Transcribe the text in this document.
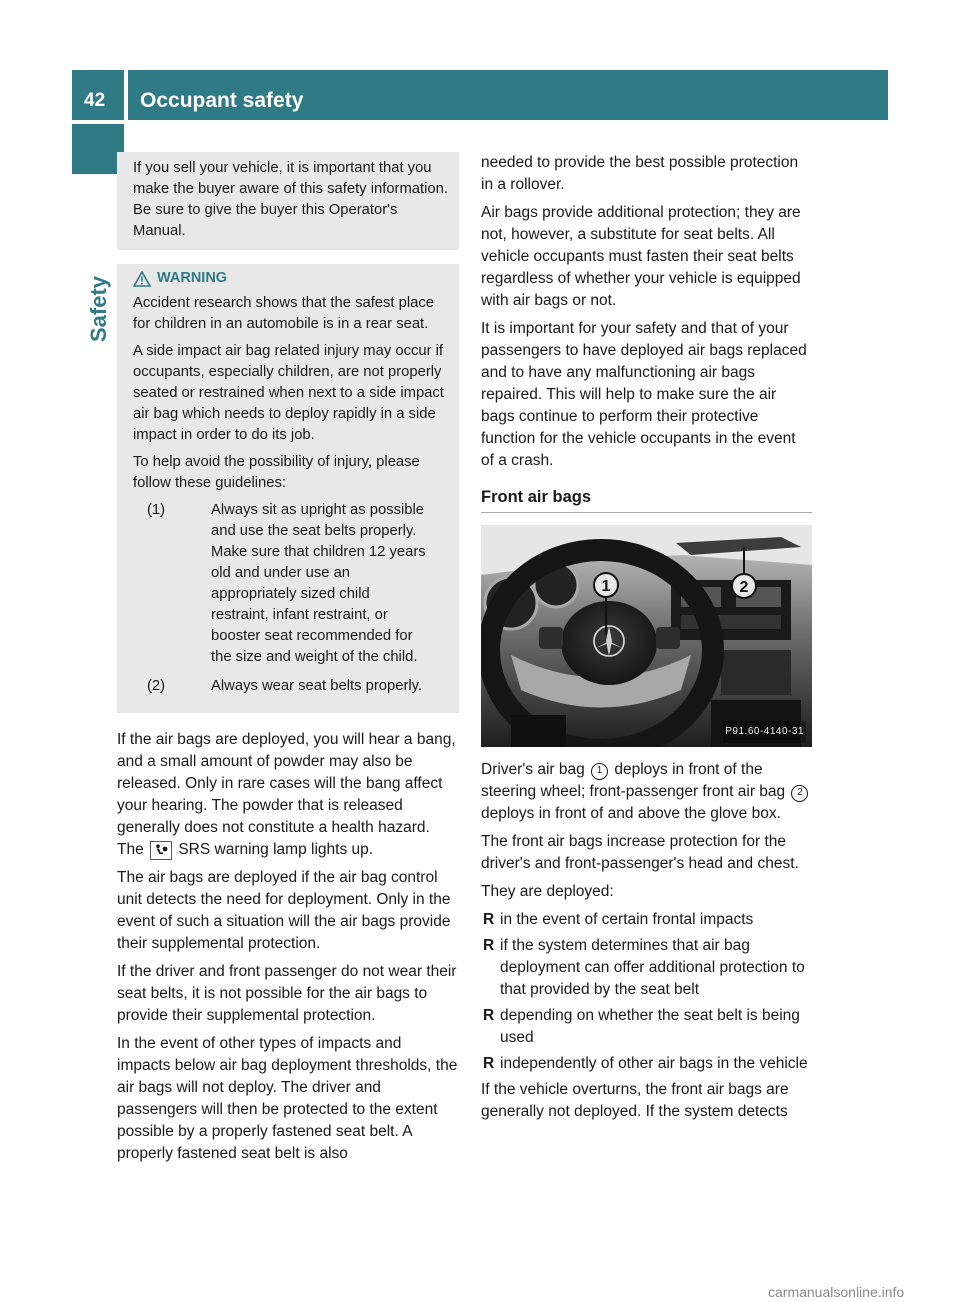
42	Occupant safety
Safety
If you sell your vehicle, it is important that you make the buyer aware of this safety information. Be sure to give the buyer this Operator's Manual.
WARNING

Accident research shows that the safest place for children in an automobile is in a rear seat.

A side impact air bag related injury may occur if occupants, especially children, are not properly seated or restrained when next to a side impact air bag which needs to deploy rapidly in a side impact in order to do its job.

To help avoid the possibility of injury, please follow these guidelines:

(1)	Always sit as upright as possible and use the seat belts properly. Make sure that children 12 years old and under use an appropriately sized child restraint, infant restraint, or booster seat recommended for the size and weight of the child.
(2)	Always wear seat belts properly.

If the air bags are deployed, you will hear a bang, and a small amount of powder may also be released. Only in rare cases will the bang affect your hearing. The powder that is released generally does not constitute a health hazard. The SRS warning lamp lights up.

The air bags are deployed if the air bag control unit detects the need for deployment. Only in the event of such a situation will the air bags provide their supplemental protection.

If the driver and front passenger do not wear their seat belts, it is not possible for the air bags to provide their supplemental protection.

In the event of other types of impacts and impacts below air bag deployment thresholds, the air bags will not deploy. The driver and passengers will then be protected to the extent possible by a properly fastened seat belt. A properly fastened seat belt is also

needed to provide the best possible protection in a rollover.

Air bags provide additional protection; they are not, however, a substitute for seat belts. All vehicle occupants must fasten their seat belts regardless of whether your vehicle is equipped with air bags or not.

It is important for your safety and that of your passengers to have deployed air bags replaced and to have any malfunctioning air bags repaired. This will help to make sure the air bags continue to perform their protective function for the vehicle occupants in the event of a crash.

Front air bags
1	2
P91.60-4140-31

Driver's air bag 1 deploys in front of the steering wheel; front-passenger front air bag 2 deploys in front of and above the glove box.

The front air bags increase protection for the driver's and front-passenger's head and chest.

They are deployed:

R in the event of certain frontal impacts
R if the system determines that air bag deployment can offer additional protection to that provided by the seat belt
R depending on whether the seat belt is being used
R independently of other air bags in the vehicle

If the vehicle overturns, the front air bags are generally not deployed. If the system detects

carmanualsonline.info
